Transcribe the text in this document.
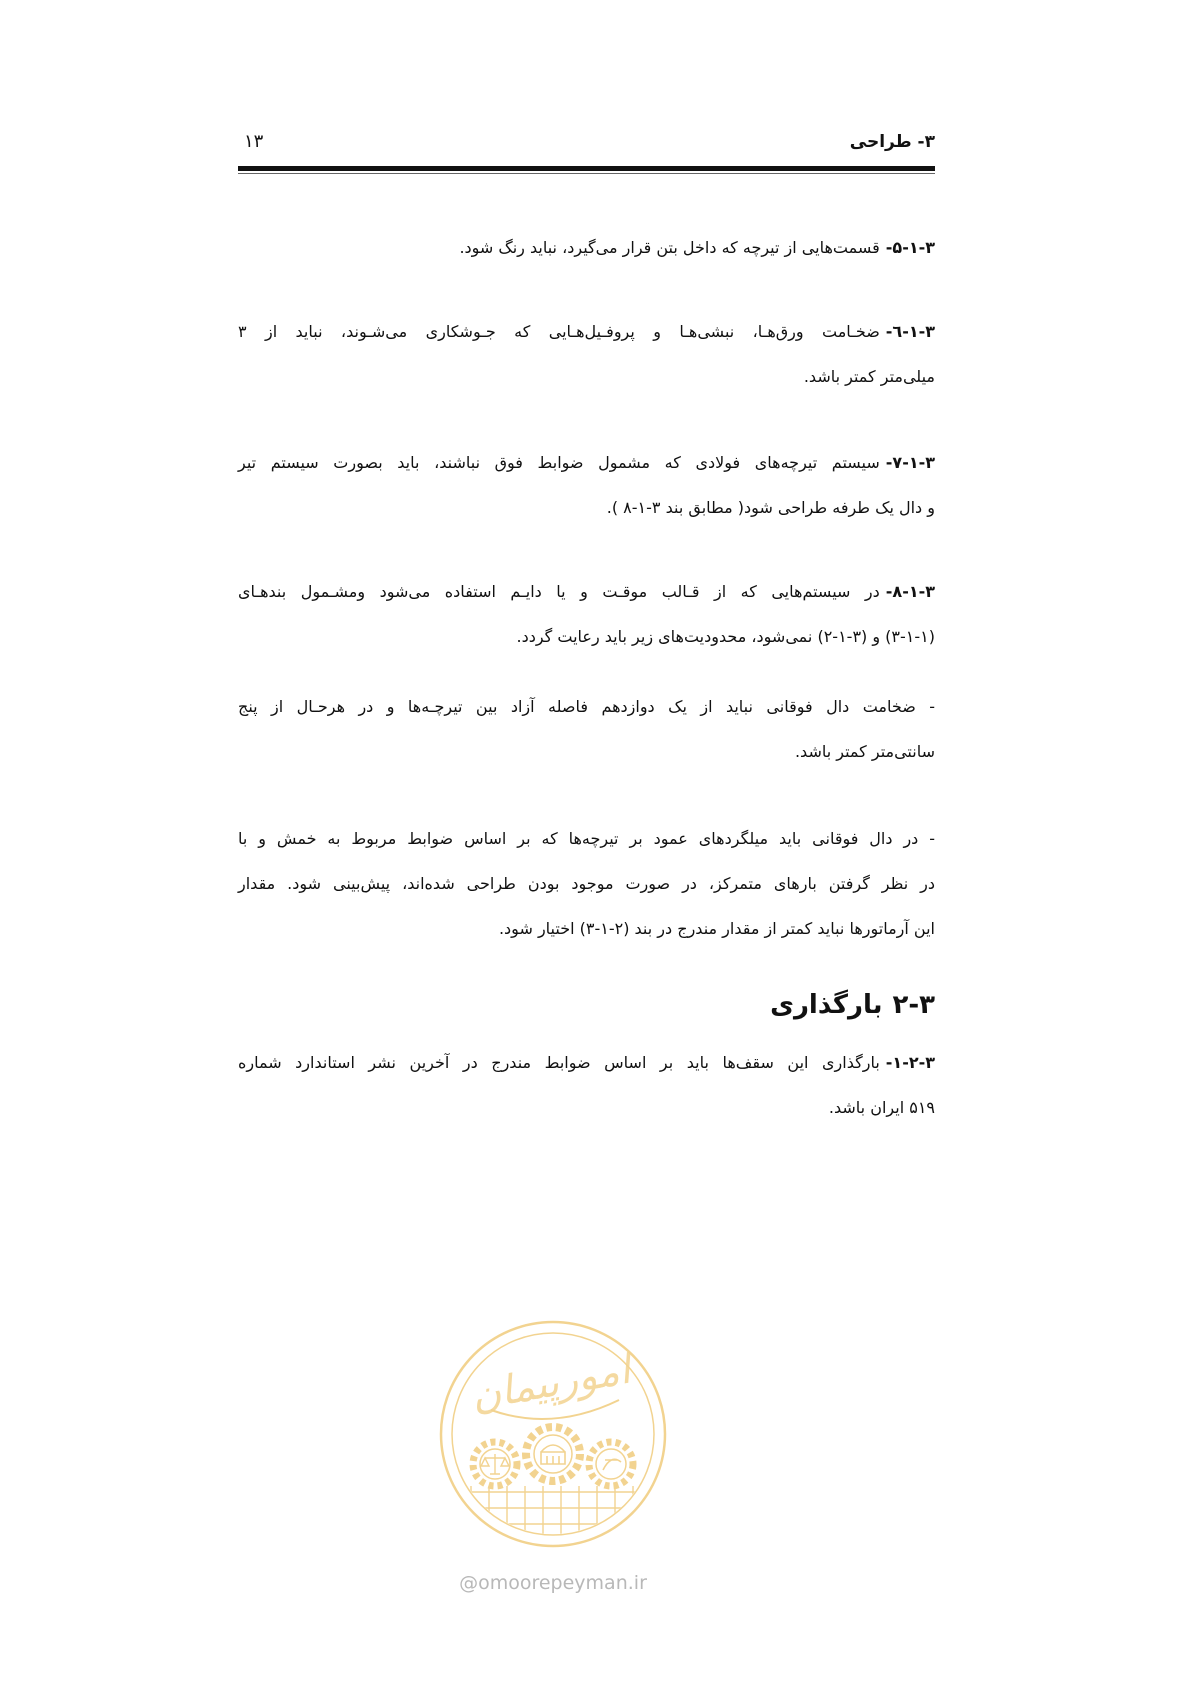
۳- طراحی
۱۳
۳-۱-۵-قسمت‌هایی از تیرچه که داخل بتن قرار می‌گیرد، نباید رنگ شود.
۳-۱-٦-ضخـامت ورق‌هـا، نبشی‌هـا و پروفـیل‌هـایی که جـوشکاری می‌شـوند، نباید از ۳
میلی‌متر کمتر باشد.
۳-۱-۷-سیستم تیرچه‌های فولادی که مشمول ضوابط فوق نباشند، باید بصورت سیستم تیر
و دال یک طرفه طراحی شود( مطابق بند ۳-۱-۸ ).
۳-۱-۸-در سیستم‌هایی که از قـالب موقـت و یا دایـم استفاده می‌شود ومشـمول بندهـای
(۳-۱-۱) و (۳-۱-۲) نمی‌شود، محدودیت‌های زیر باید رعایت گردد.
- ضخامت دال فوقانی نباید از یک دوازدهم فاصله آزاد بین تیرچـه‌ها و در هرحـال از پنج
سانتی‌متر کمتر باشد.
- در دال فوقانی باید میلگردهای عمود بر تیرچه‌ها که بر اساس ضوابط مربوط به خمش و با
در نظر گرفتن بارهای متمرکز، در صورت موجود بودن طراحی شده‌اند، پیش‌بینی شود. مقدار
این آرماتورها نباید کمتر از مقدار مندرج در بند (۲-۱-۳) اختیار شود.
۳-۲بارگذاری
۳-۲-۱-بارگذاری این سقف‌ها باید بر اساس ضوابط مندرج در آخرین نشر استاندارد شماره
۵۱۹ ایران باشد.
امورپیمان
@omoorepeyman.ir
